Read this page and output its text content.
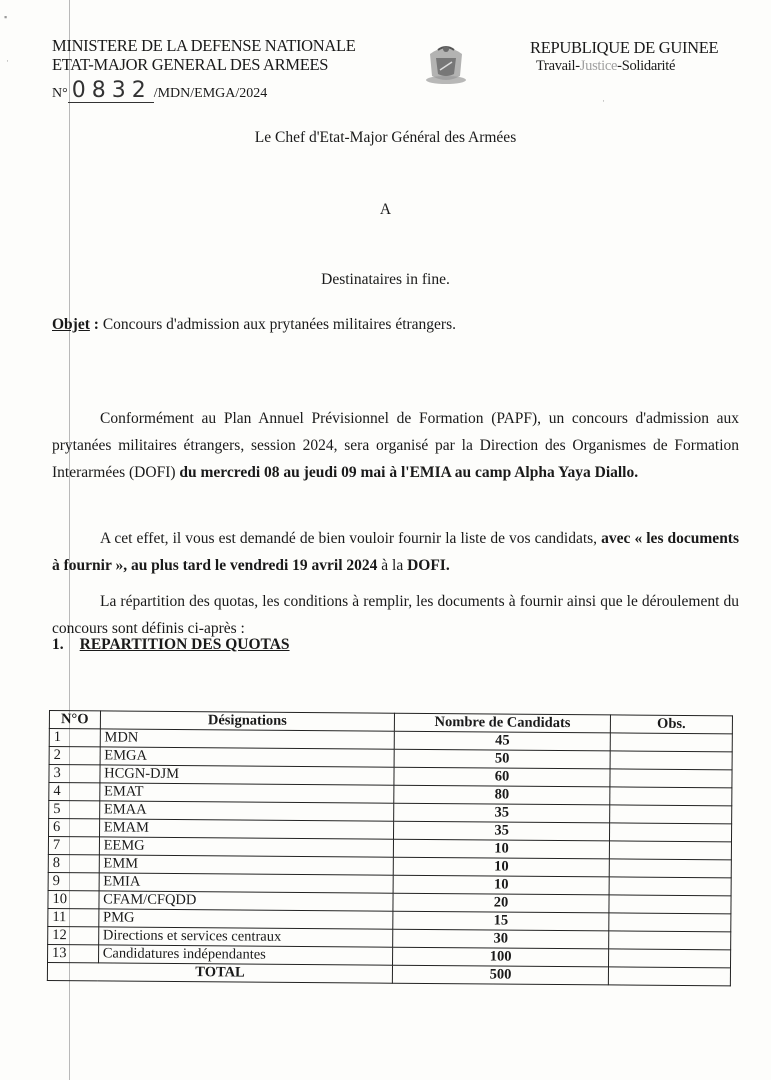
▪
·
·
MINISTERE DE LA DEFENSE NATIONALE
ETAT-MAJOR GENERAL DES ARMEES
N° 0832 /MDN/EMGA/2024
REPUBLIQUE DE GUINEE
Travail-Justice-Solidarité
Le Chef d'Etat-Major Général des Armées
A
Destinataires in fine.
Objet : Concours d'admission aux prytanées militaires étrangers.
Conformément au Plan Annuel Prévisionnel de Formation (PAPF), un concours d'admission aux prytanées militaires étrangers, session 2024, sera organisé par la Direction des Organismes de Formation Interarmées (DOFI) du mercredi 08 au jeudi 09 mai à l'EMIA au camp Alpha Yaya Diallo.
A cet effet, il vous est demandé de bien vouloir fournir la liste de vos candidats, avec « les documents à fournir », au plus tard le vendredi 19 avril 2024 à la DOFI.
La répartition des quotas, les conditions à remplir, les documents à fournir ainsi que le déroulement du concours sont définis ci-après :
1. REPARTITION DES QUOTAS
N°O	Désignations	Nombre de Candidats	Obs.
1	MDN	45	
2	EMGA	50	
3	HCGN-DJM	60	
4	EMAT	80	
5	EMAA	35	
6	EMAM	35	
7	EEMG	10	
8	EMM	10	
9	EMIA	10	
10	CFAM/CFQDD	20	
11	PMG	15	
12	Directions et services centraux	30	
13	Candidatures indépendantes	100	
TOTAL		500	
